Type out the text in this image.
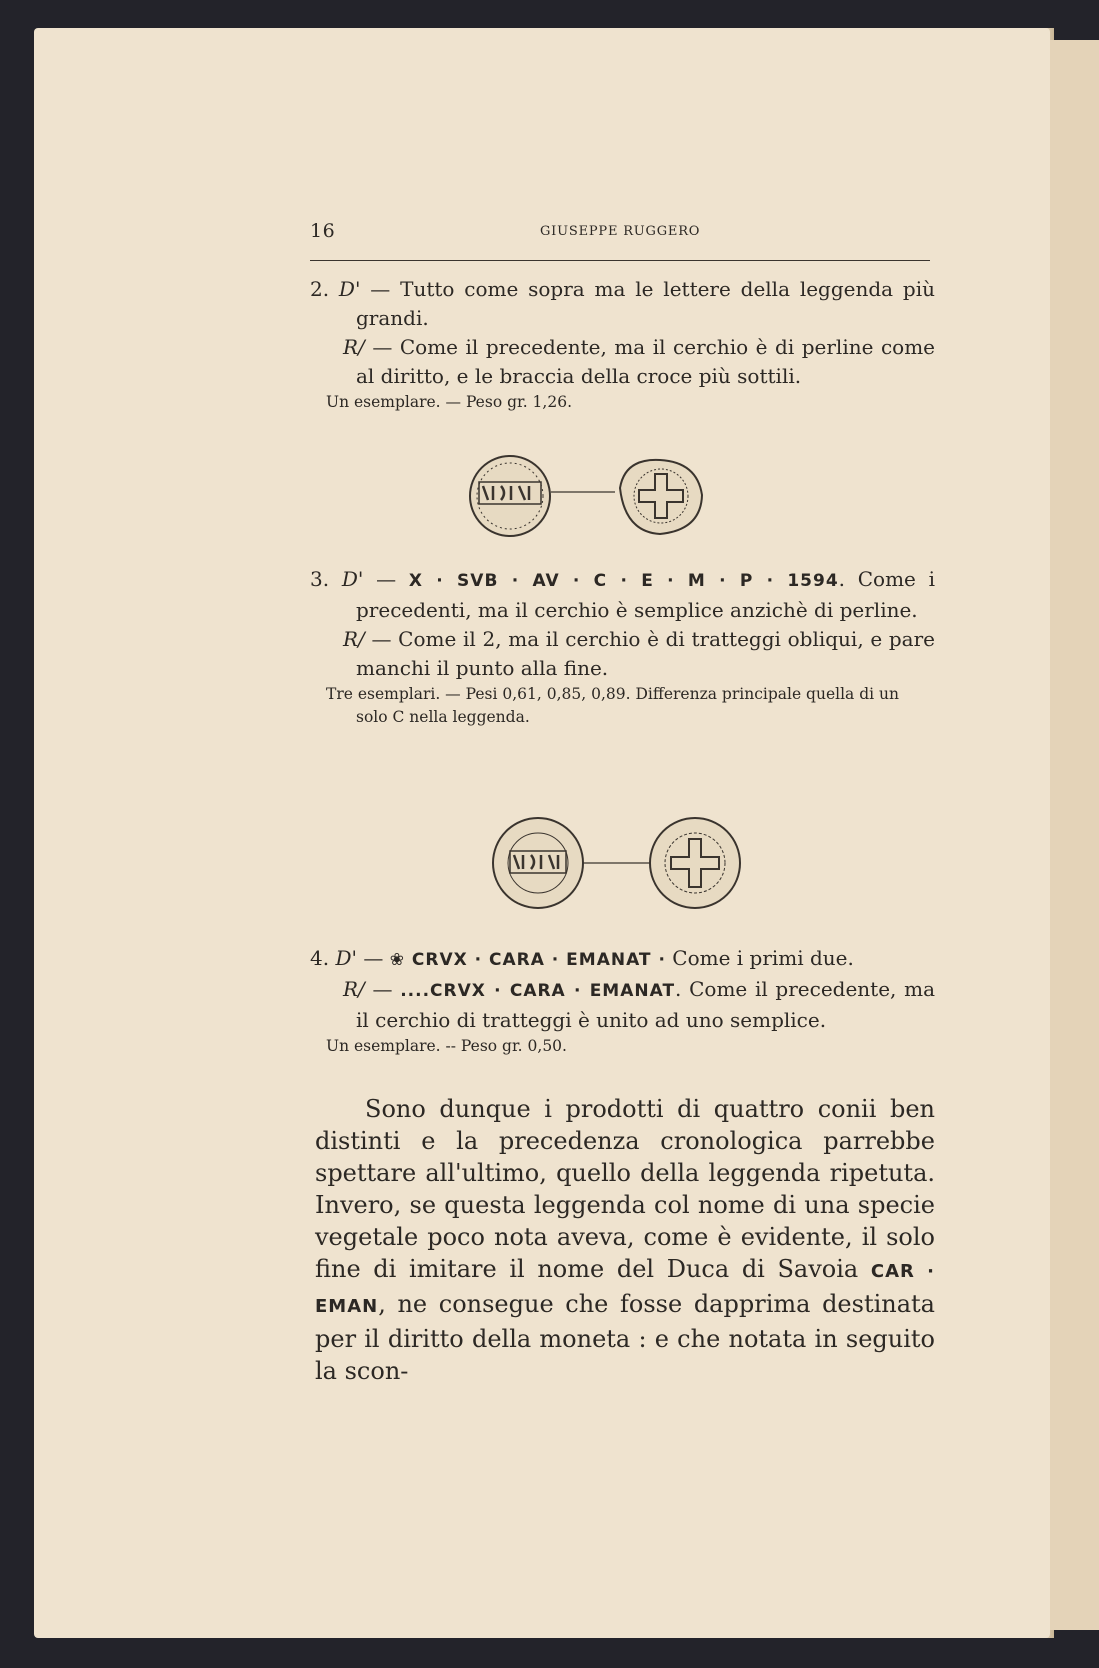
16	GIUSEPPE RUGGERO
2. D' — Tutto come sopra ma le lettere della leggenda più grandi.
R/ — Come il precedente, ma il cerchio è di perline come al diritto, e le braccia della croce più sottili.
Un esemplare. — Peso gr. 1,26.
3. D' — X · SVB · AV · C · E · M · P · 1594. Come i precedenti, ma il cerchio è semplice anzichè di perline.
R/ — Come il 2, ma il cerchio è di tratteggi obliqui, e pare manchi il punto alla fine.
Tre esemplari. — Pesi 0,61, 0,85, 0,89. Differenza principale quella di un solo C nella leggenda.
4. D' — ❀ CRVX · CARA · EMANAT · Come i primi due.
R/ — ....CRVX · CARA · EMANAT. Come il precedente, ma il cerchio di tratteggi è unito ad uno semplice.
Un esemplare. -- Peso gr. 0,50.
Sono dunque i prodotti di quattro conii ben distinti e la precedenza cronologica parrebbe spettare all'ultimo, quello della leggenda ripetuta. Invero, se questa leggenda col nome di una specie vegetale poco nota aveva, come è evidente, il solo fine di imitare il nome del Duca di Savoia CAR · EMAN, ne consegue che fosse dapprima destinata per il diritto della moneta : e che notata in seguito la scon-
